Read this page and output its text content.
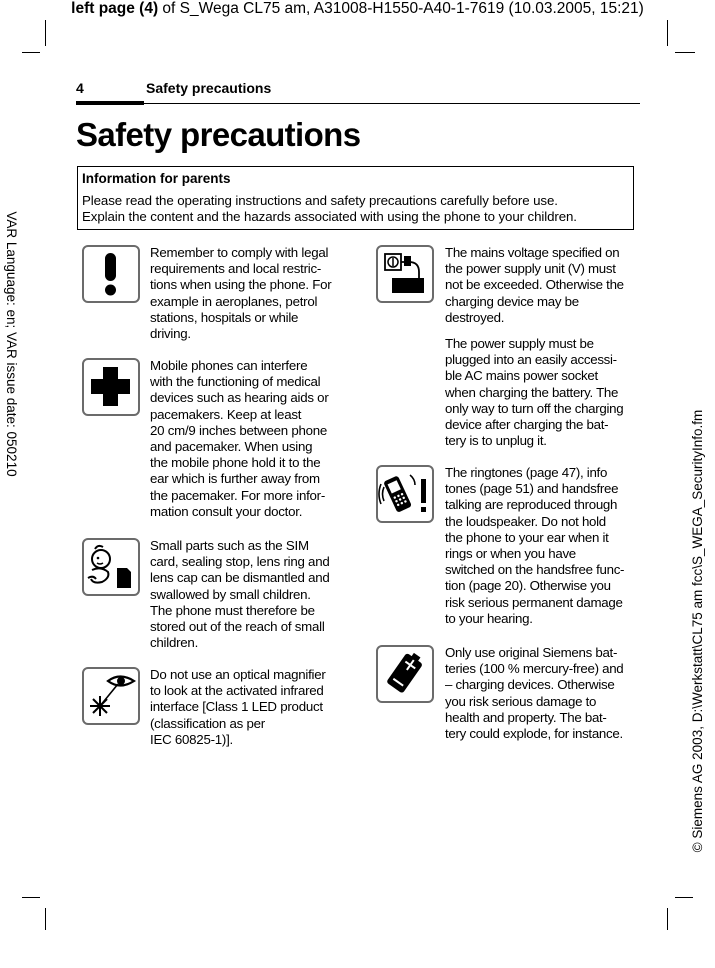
left page (4) of S_Wega CL75 am, A31008-H1550-A40-1-7619 (10.03.2005, 15:21)
VAR Language: en; VAR issue date: 050210
© Siemens AG 2003, D:\Werkstatt\CL75 am fcc\S_WEGA_SecurityInfo.fm
4	Safety precautions
Safety precautions
Information for parents
Please read the operating instructions and safety precautions carefully before use.
Explain the content and the hazards associated with using the phone to your children.
Remember to comply with legal
requirements and local restric-
tions when using the phone. For
example in aeroplanes, petrol
stations, hospitals or while
driving.
Mobile phones can interfere
with the functioning of medical
devices such as hearing aids or
pacemakers. Keep at least
20 cm/9 inches between phone
and pacemaker. When using
the mobile phone hold it to the
ear which is further away from
the pacemaker. For more infor-
mation consult your doctor.
Small parts such as the SIM
card, sealing stop, lens ring and
lens cap can be dismantled and
swallowed by small children.
The phone must therefore be
stored out of the reach of small
children.
Do not use an optical magnifier
to look at the activated infrared
interface [Class 1 LED product
(classification as per
IEC 60825-1)].
The mains voltage specified on
the power supply unit (V) must
not be exceeded. Otherwise the
charging device may be
destroyed.
The power supply must be
plugged into an easily accessi-
ble AC mains power socket
when charging the battery. The
only way to turn off the charging
device after charging the bat-
tery is to unplug it.
The ringtones (page 47), info
tones (page 51) and handsfree
talking are reproduced through
the loudspeaker. Do not hold
the phone to your ear when it
rings or when you have
switched on the handsfree func-
tion (page 20). Otherwise you
risk serious permanent damage
to your hearing.
Only use original Siemens bat-
teries (100 % mercury-free) and
– charging devices. Otherwise
you risk serious damage to
health and property. The bat-
tery could explode, for instance.
